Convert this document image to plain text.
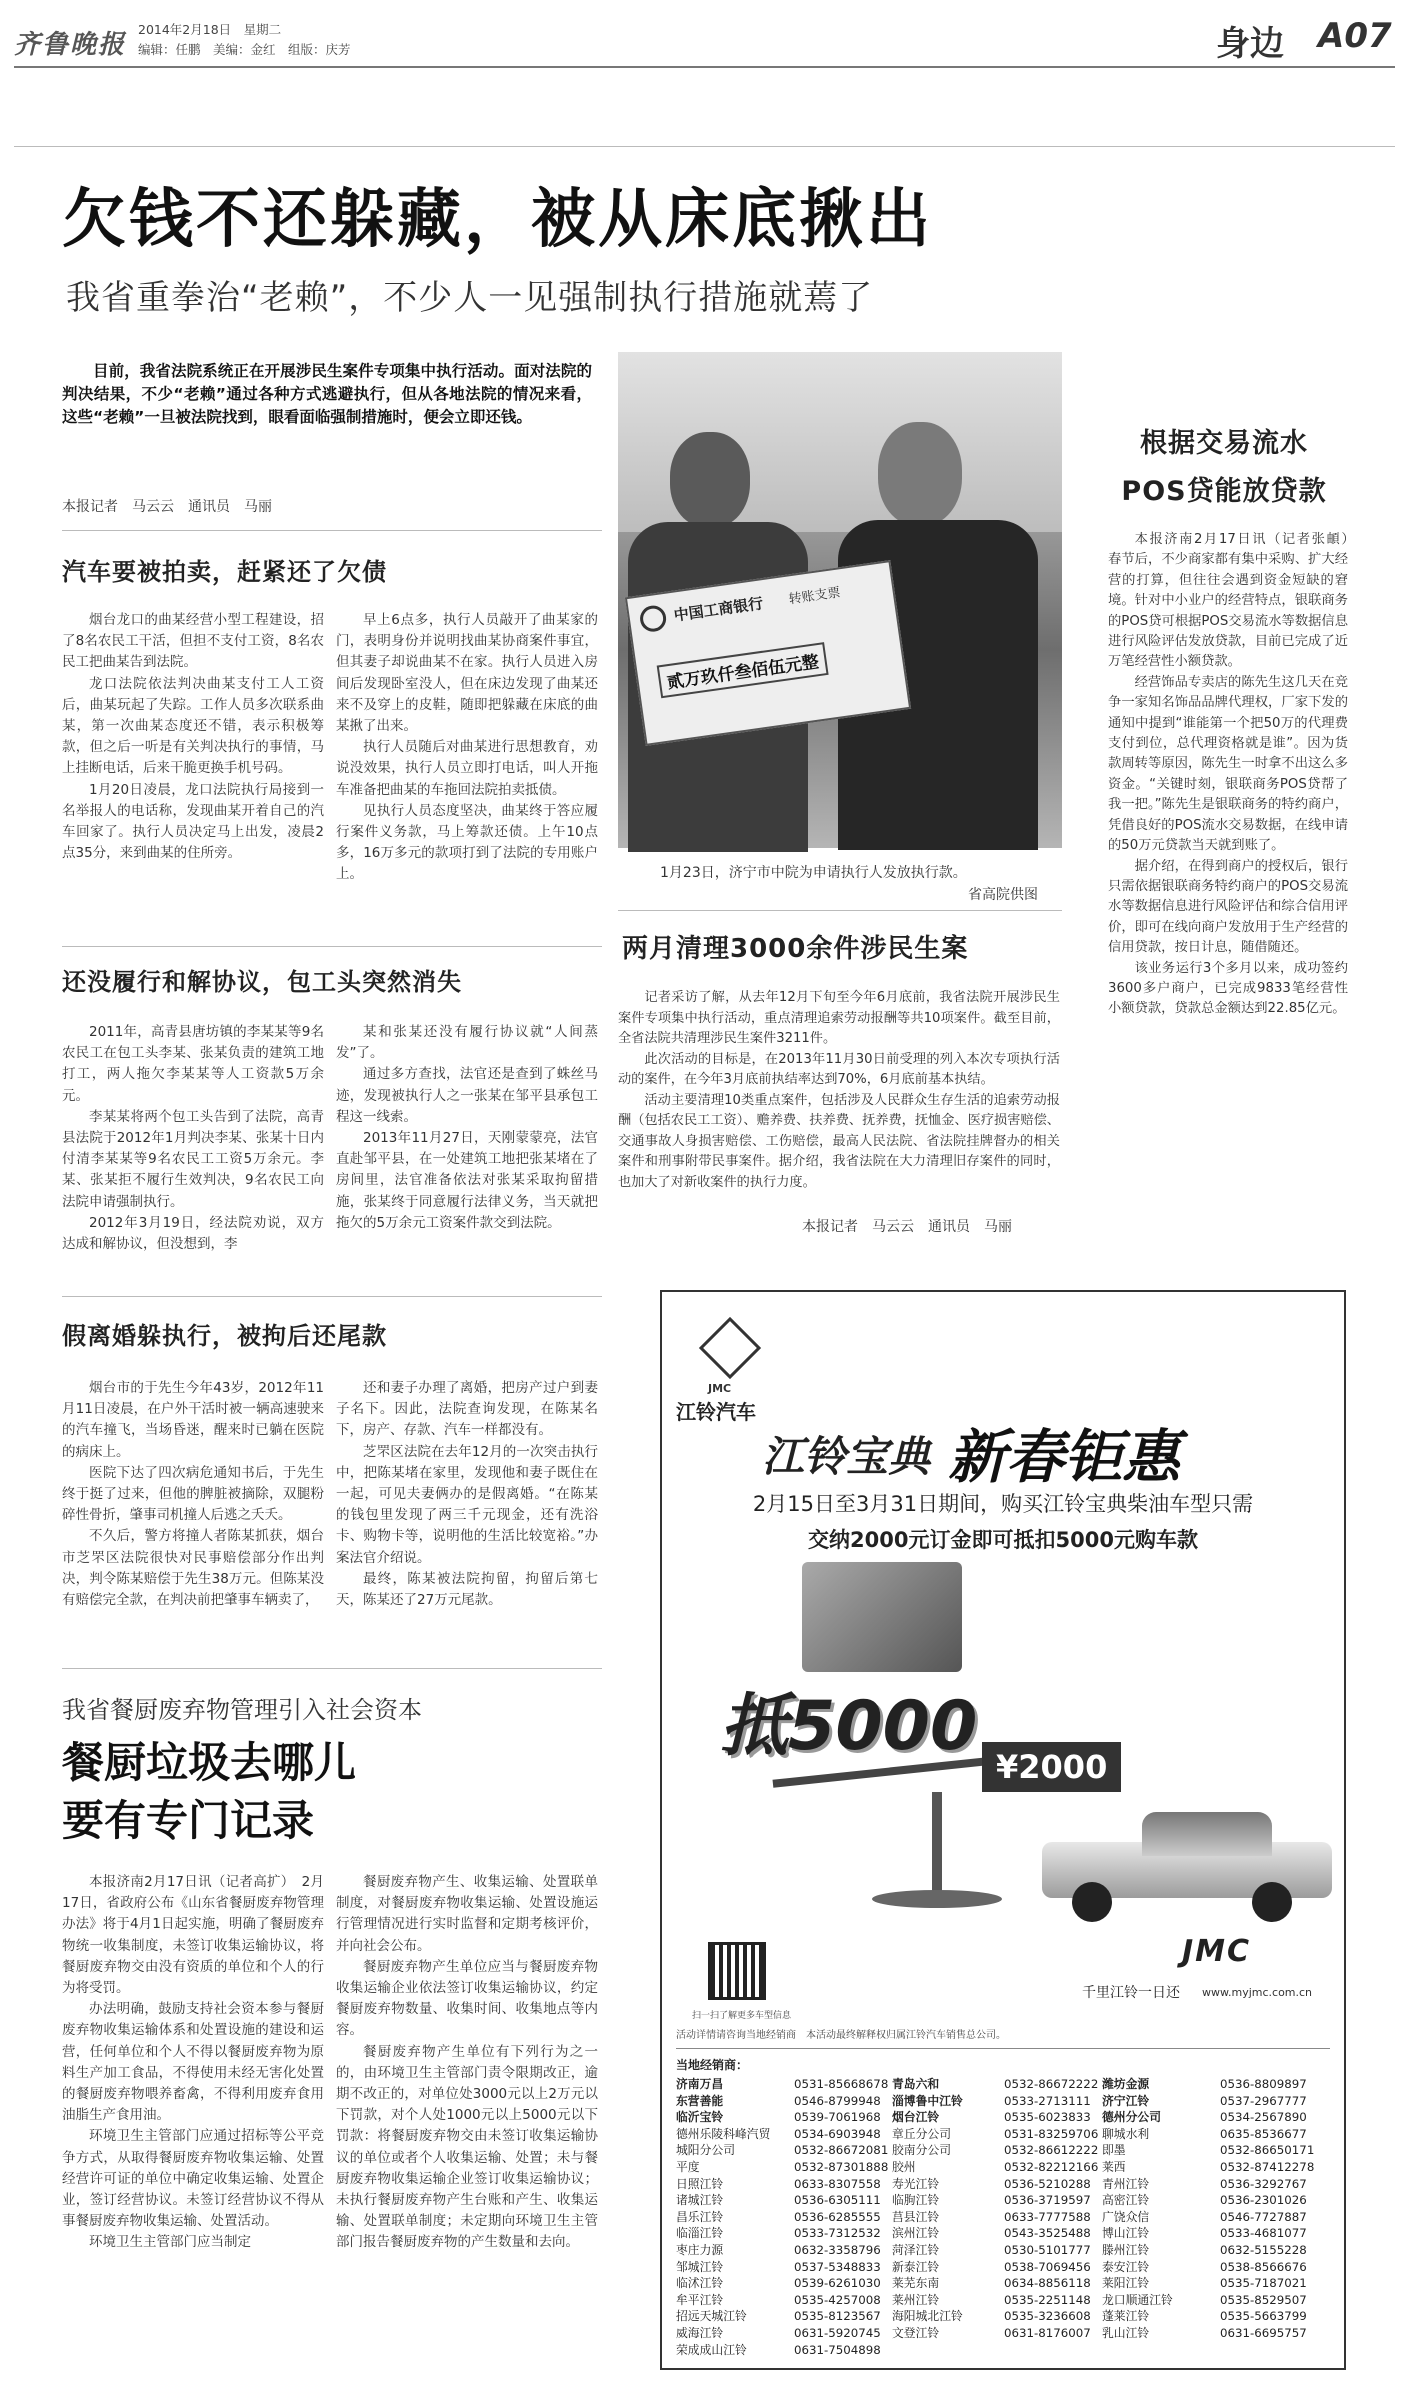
齐鲁晚报
2014年2月18日　星期二
编辑：任鹏　美编：金红　组版：庆芳	身边 A07
欠钱不还躲藏，被从床底揪出
我省重拳治“老赖”，不少人一见强制执行措施就蔫了
目前，我省法院系统正在开展涉民生案件专项集中执行活动。面对法院的判决结果，不少“老赖”通过各种方式逃避执行，但从各地法院的情况来看，这些“老赖”一旦被法院找到，眼看面临强制措施时，便会立即还钱。
本报记者　马云云　通讯员　马丽
汽车要被拍卖，赶紧还了欠债

烟台龙口的曲某经营小型工程建设，招了8名农民工干活，但担不支付工资，8名农民工把曲某告到法院。

龙口法院依法判决曲某支付工人工资后，曲某玩起了失踪。工作人员多次联系曲某，第一次曲某态度还不错，表示积极筹款，但之后一听是有关判决执行的事情，马上挂断电话，后来干脆更换手机号码。

1月20日凌晨，龙口法院执行局接到一名举报人的电话称，发现曲某开着自己的汽车回家了。执行人员决定马上出发，凌晨2点35分，来到曲某的住所旁。

早上6点多，执行人员敲开了曲某家的门，表明身份并说明找曲某协商案件事宜，但其妻子却说曲某不在家。执行人员进入房间后发现卧室没人，但在床边发现了曲某还来不及穿上的皮鞋，随即把躲藏在床底的曲某揪了出来。

执行人员随后对曲某进行思想教育，劝说没效果，执行人员立即打电话，叫人开拖车准备把曲某的车拖回法院拍卖抵债。

见执行人员态度坚决，曲某终于答应履行案件义务款，马上筹款还债。上午10点多，16万多元的款项打到了法院的专用账户上。

还没履行和解协议，包工头突然消失

2011年，高青县唐坊镇的李某某等9名农民工在包工头李某、张某负责的建筑工地打工，两人拖欠李某某等人工资款5万余元。

李某某将两个包工头告到了法院，高青县法院于2012年1月判决李某、张某十日内付清李某某等9名农民工工资5万余元。李某、张某拒不履行生效判决，9名农民工向法院申请强制执行。

2012年3月19日，经法院劝说，双方达成和解协议，但没想到，李

某和张某还没有履行协议就“人间蒸发”了。

通过多方查找，法官还是查到了蛛丝马迹，发现被执行人之一张某在邹平县承包工程这一线索。

2013年11月27日，天刚蒙蒙亮，法官直赴邹平县，在一处建筑工地把张某堵在了房间里，法官准备依法对张某采取拘留措施，张某终于同意履行法律义务，当天就把拖欠的5万余元工资案件款交到法院。

假离婚躲执行，被拘后还尾款

烟台市的于先生今年43岁，2012年11月11日凌晨，在户外干活时被一辆高速驶来的汽车撞飞，当场昏迷，醒来时已躺在医院的病床上。

医院下达了四次病危通知书后，于先生终于挺了过来，但他的脾脏被摘除，双腿粉碎性骨折，肇事司机撞人后逃之夭夭。

不久后，警方将撞人者陈某抓获，烟台市芝罘区法院很快对民事赔偿部分作出判决，判令陈某赔偿于先生38万元。但陈某没有赔偿完全款，在判决前把肇事车辆卖了，

还和妻子办理了离婚，把房产过户到妻子名下。因此，法院查询发现，在陈某名下，房产、存款、汽车一样都没有。

芝罘区法院在去年12月的一次突击执行中，把陈某堵在家里，发现他和妻子既住在一起，可见夫妻俩办的是假离婚。“在陈某的钱包里发现了两三千元现金，还有洗浴卡、购物卡等，说明他的生活比较宽裕。”办案法官介绍说。

最终，陈某被法院拘留，拘留后第七天，陈某还了27万元尾款。

中国工商银行 转账支票
贰万玖仟叁佰伍元整
1月23日，济宁市中院为申请执行人发放执行款。
省高院供图
两月清理3000余件涉民生案

记者采访了解，从去年12月下旬至今年6月底前，我省法院开展涉民生案件专项集中执行活动，重点清理追索劳动报酬等共10项案件。截至目前，全省法院共清理涉民生案件3211件。

此次活动的目标是，在2013年11月30日前受理的列入本次专项执行活动的案件，在今年3月底前执结率达到70%，6月底前基本执结。

活动主要清理10类重点案件，包括涉及人民群众生存生活的追索劳动报酬（包括农民工工资）、赡养费、扶养费、抚养费，抚恤金、医疗损害赔偿、交通事故人身损害赔偿、工伤赔偿，最高人民法院、省法院挂牌督办的相关案件和刑事附带民事案件。据介绍，我省法院在大力清理旧存案件的同时，也加大了对新收案件的执行力度。

本报记者　马云云　通讯员　马丽
根据交易流水
POS贷能放贷款

本报济南2月17日讯（记者张頔）　春节后，不少商家都有集中采购、扩大经营的打算，但往往会遇到资金短缺的窘境。针对中小业户的经营特点，银联商务的POS贷可根据POS交易流水等数据信息进行风险评估发放贷款，目前已完成了近万笔经营性小额贷款。

经营饰品专卖店的陈先生这几天在竞争一家知名饰品品牌代理权，厂家下发的通知中提到“谁能第一个把50万的代理费支付到位，总代理资格就是谁”。因为货款周转等原因，陈先生一时拿不出这么多资金。“关键时刻，银联商务POS贷帮了我一把。”陈先生是银联商务的特约商户，凭借良好的POS流水交易数据，在线申请的50万元贷款当天就到账了。

据介绍，在得到商户的授权后，银行只需依据银联商务特约商户的POS交易流水等数据信息进行风险评估和综合信用评价，即可在线向商户发放用于生产经营的信用贷款，按日计息，随借随还。

该业务运行3个多月以来，成功签约3600多户商户，已完成9833笔经营性小额贷款，贷款总金额达到22.85亿元。

我省餐厨废弃物管理引入社会资本
餐厨垃圾去哪儿
要有专门记录

本报济南2月17日讯（记者高扩）　2月17日，省政府公布《山东省餐厨废弃物管理办法》将于4月1日起实施，明确了餐厨废弃物统一收集制度，未签订收集运输协议，将餐厨废弃物交由没有资质的单位和个人的行为将受罚。

办法明确，鼓励支持社会资本参与餐厨废弃物收集运输体系和处置设施的建设和运营，任何单位和个人不得以餐厨废弃物为原料生产加工食品，不得使用未经无害化处置的餐厨废弃物喂养畜禽，不得利用废弃食用油脂生产食用油。

环境卫生主管部门应通过招标等公平竞争方式，从取得餐厨废弃物收集运输、处置经营许可证的单位中确定收集运输、处置企业，签订经营协议。未签订经营协议不得从事餐厨废弃物收集运输、处置活动。

环境卫生主管部门应当制定

餐厨废弃物产生、收集运输、处置联单制度，对餐厨废弃物收集运输、处置设施运行管理情况进行实时监督和定期考核评价，并向社会公布。

餐厨废弃物产生单位应当与餐厨废弃物收集运输企业依法签订收集运输协议，约定餐厨废弃物数量、收集时间、收集地点等内容。

餐厨废弃物产生单位有下列行为之一的，由环境卫生主管部门责令限期改正，逾期不改正的，对单位处3000元以上2万元以下罚款，对个人处1000元以上5000元以下罚款：将餐厨废弃物交由未签订收集运输协议的单位或者个人收集运输、处置；未与餐厨废弃物收集运输企业签订收集运输协议；未执行餐厨废弃物产生台账和产生、收集运输、处置联单制度；未定期向环境卫生主管部门报告餐厨废弃物的产生数量和去向。

JMC
江铃汽车
江铃宝典 新春钜惠
2月15日至3月31日期间，购买江铃宝典柴油车型只需
交纳2000元订金即可抵扣5000元购车款
抵5000
¥2000
扫一扫了解更多车型信息
JMC
千里江铃一日还 www.myjmc.com.cn
活动详情请咨询当地经销商　本活动最终解释权归属江铃汽车销售总公司。
当地经销商：
济南万昌	0531-85668678 青岛六和	0532-86672222 潍坊金源	0536-8809897
东营善能	0546-8799948 淄博鲁中江铃	0533-2713111 济宁江铃	0537-2967777
临沂宝铃	0539-7061968 烟台江铃	0535-6023833 德州分公司	0534-2567890
德州乐陵科峰汽贸	0534-6903948 章丘分公司	0531-83259706 聊城水利	0635-8536677
城阳分公司	0532-86672081 胶南分公司	0532-86612222 即墨	0532-86650171
平度	0532-87301888 胶州	0532-82212166 莱西	0532-87412278
日照江铃	0633-8307558 寿光江铃	0536-5210288 青州江铃	0536-3292767
诸城江铃	0536-6305111 临朐江铃	0536-3719597 高密江铃	0536-2301026
昌乐江铃	0536-6285555 莒县江铃	0633-7777588 广饶众信	0546-7727887
临淄江铃	0533-7312532 滨州江铃	0543-3525488 博山江铃	0533-4681077
枣庄力源	0632-3358796 菏泽江铃	0530-5101777 滕州江铃	0632-5155228
邹城江铃	0537-5348833 新泰江铃	0538-7069456 泰安江铃	0538-8566676
临沭江铃	0539-6261030 莱芜东南	0634-8856118 莱阳江铃	0535-7187021
牟平江铃	0535-4257008 莱州江铃	0535-2251148 龙口顺通江铃	0535-8529507
招远天城江铃	0535-8123567 海阳城北江铃	0535-3236608 蓬莱江铃	0535-5663799
威海江铃	0631-5920745 文登江铃	0631-8176007 乳山江铃	0631-6695757
荣成成山江铃	0631-7504898
